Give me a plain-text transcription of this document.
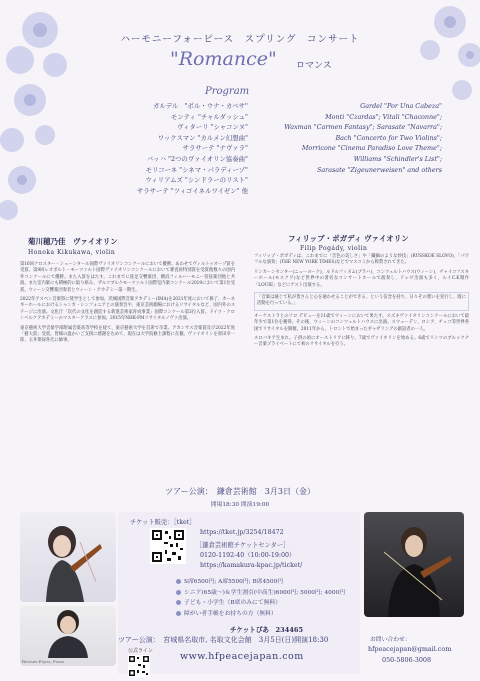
ハーモニーフォーピース　スプリング　コンサート
"Romance" ロマンス
Program
ガルデル　"ポル・ウナ・カベサ"
モンティ "チャルダッシュ"
ヴィターリ "シャコンヌ"
ワックスマン "カルメン幻想曲"
サラサーテ "ナヴァラ"
バッハ "2つのヴァイオリン協奏曲"
モリコーネ "シネマ・パラディーゾ"
ウィリアムズ "シンドラーのリスト"
サラサーテ "ツィゴイネルワイゼン" 他
Gardel "Por Una Cabeza"
Monti "Czardas"; Vitali "Chaconne";
Waxman "Carmen Fantasy"; Sarasate "Navarra";
Bach "Concerto for Two Violins";
Morricone "Cinema Paradiso Love Theme";
Williams "Schindler's List";
Sarasate "Zigeunerweisen" and others
菊川穂乃佳　ヴァイオリン
Honoka Kikukawa, violin

第16回クロスター・シェーンタール国際ヴァイオリンコンクールにおいて優勝。あわせてヴィルトゥオーゾ賞を受賞。第9回レオポルト・モーツァルト国際ヴァイオリンコンクールにおいて審査員特別賞を受賞他数々の国内外コンクールにて優勝。また入賞をはたす。これまでに洗足交響楽団、横浜フィルハーモニー管弦楽団他と共演。また室内楽にも積極的に取り組み、ザルツブルクモーツァルト国際室内楽コンクール2019において第1位受賞。ウィーン交響楽団奏者とウィーン・アカデミー第一期生。

2022年アスペン音楽祭に奨学生として参加。茨城国際音楽アカデミー(IMA)を2021年度において修了、カーネギーホールにおけるシャンカ・シンフォニアとの演奏会や、東京芸術劇場におけるリサイタルなど、国内外のステージに出演。文化庁「次代の文化を創造する新進芸術家育成事業」国際コンクール第3位入賞。ドイツ・クロンベルクアカデミーのマスタークラスに参加。2015年NHK-FMリサイタルノヴァ出演。

東京藝術大学音楽学部附属音楽高等学校を経て、東京藝術大学を首席で卒業。アカンサス音楽賞及び2022年度「藝大賞」受賞。皆様の温かいご支援に感謝を込めて、現在は大学院修士課程に在籍。ヴァイオリンを原田幸一郎、玉井菜採各氏に師事。

フィリップ・ポガディ ヴァイオリン
Filip Pogády, violin

フィリップ・ポガディは、これまでに「音色の美しさ」や「繊細のような妙技」(RUSSKOE SLOVO)、「パワフルな演奏」(THE NEW YORK TIMES)などでマスコミから称賛されてきた。

リンカーンセンター(ニューヨーク)、ルドルフィヌム(プラハ)、コンツェルトハウス(ウィーン)、チャイコフスキーホール(モスクワ)など世界中の著名なコンサートホールで演奏し、テレビ出演も多く、ルイC.K制作「LOUIE」などにゲスト出演する。

「音楽は通じて私が皆さんと心を通わせることができる、という信念を持ち、日々その想いを実行し、既に活動を行っている。」

オーケストラとのソロ デビューを11歳でウィーンにおいて果たす。スズキヴァイオリンコンクールにおいて最年少で第1位を獲得。その後、ウィーンのコンツェルトハウスに出演。スウェーデン、ロシア、チェコ等世界各国でリサイタルを開催。2011年から、トロントで始まったギャザリングの創設者の一人。

スロバキア生まれ。子供の頃にオーストリアに移り、7歳でヴァイオリンを始める。6歳でリンツのブルックナー音楽プライベートにて初のリサイタルを行う。

ツアー公演：　鎌倉芸術館　3月3日（金）
開場18:30 開演19:00
Rintaro Fujita, Piano
チケット販売：［tket］
https://tket.jp/3254/18472
［鎌倉芸術館チケットセンター］
0120-1192-40（10:00-19:00）
https://kamakura-kpac.jp/ticket/
S席6500円; A席5500円; B席4500円
シニア(65歳～)＆学生割引(中高生)6000円; 5000円; 4000円
子ども・小学生（B席のみにて無料）
障がい者手帳をお持ちの方（無料）
チケットぴあ　234465
ツアー公演：　宮城県名取市, 名取文化会館　3月5日(日)開演18:30
公式ライン
お問い合わせ：
hfpeacejapan@gmail.com
050-5806-3008
www.hfpeacejapan.com
